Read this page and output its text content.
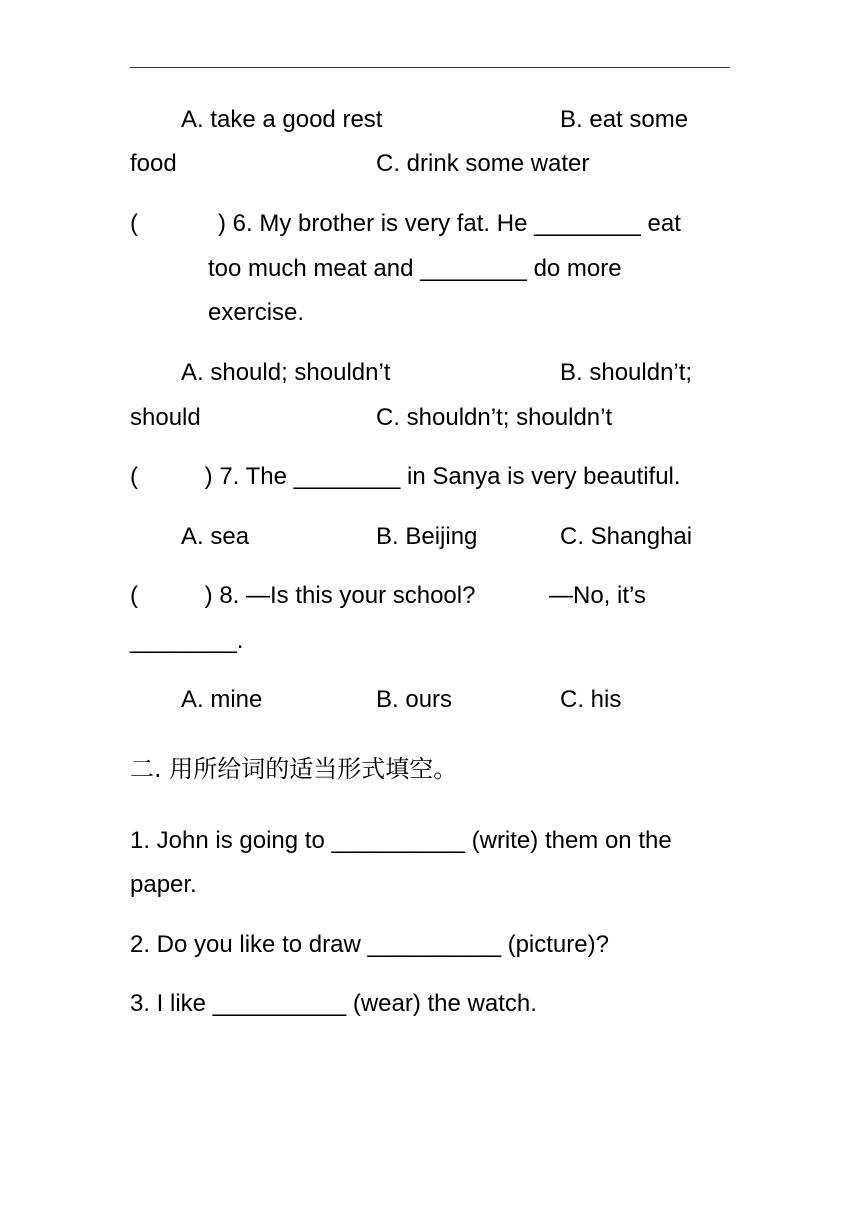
A. take a good rest	B. eat some
food	C. drink some water
(            ) 6. My brother is very fat. He ________ eat
too much meat and ________ do more
exercise.
A. should; shouldn’t	B. shouldn’t;
should	C. shouldn’t; shouldn’t
(          ) 7. The ________ in Sanya is very beautiful.
A. sea	B. Beijing	C. Shanghai
(          ) 8. —Is this your school?	—No, it’s
________.
A. mine	B. ours	C. his
二. 用所给词的适当形式填空。
1. John is going to __________ (write) them on the
paper.
2. Do you like to draw __________ (picture)?
3. I like __________ (wear) the watch.
